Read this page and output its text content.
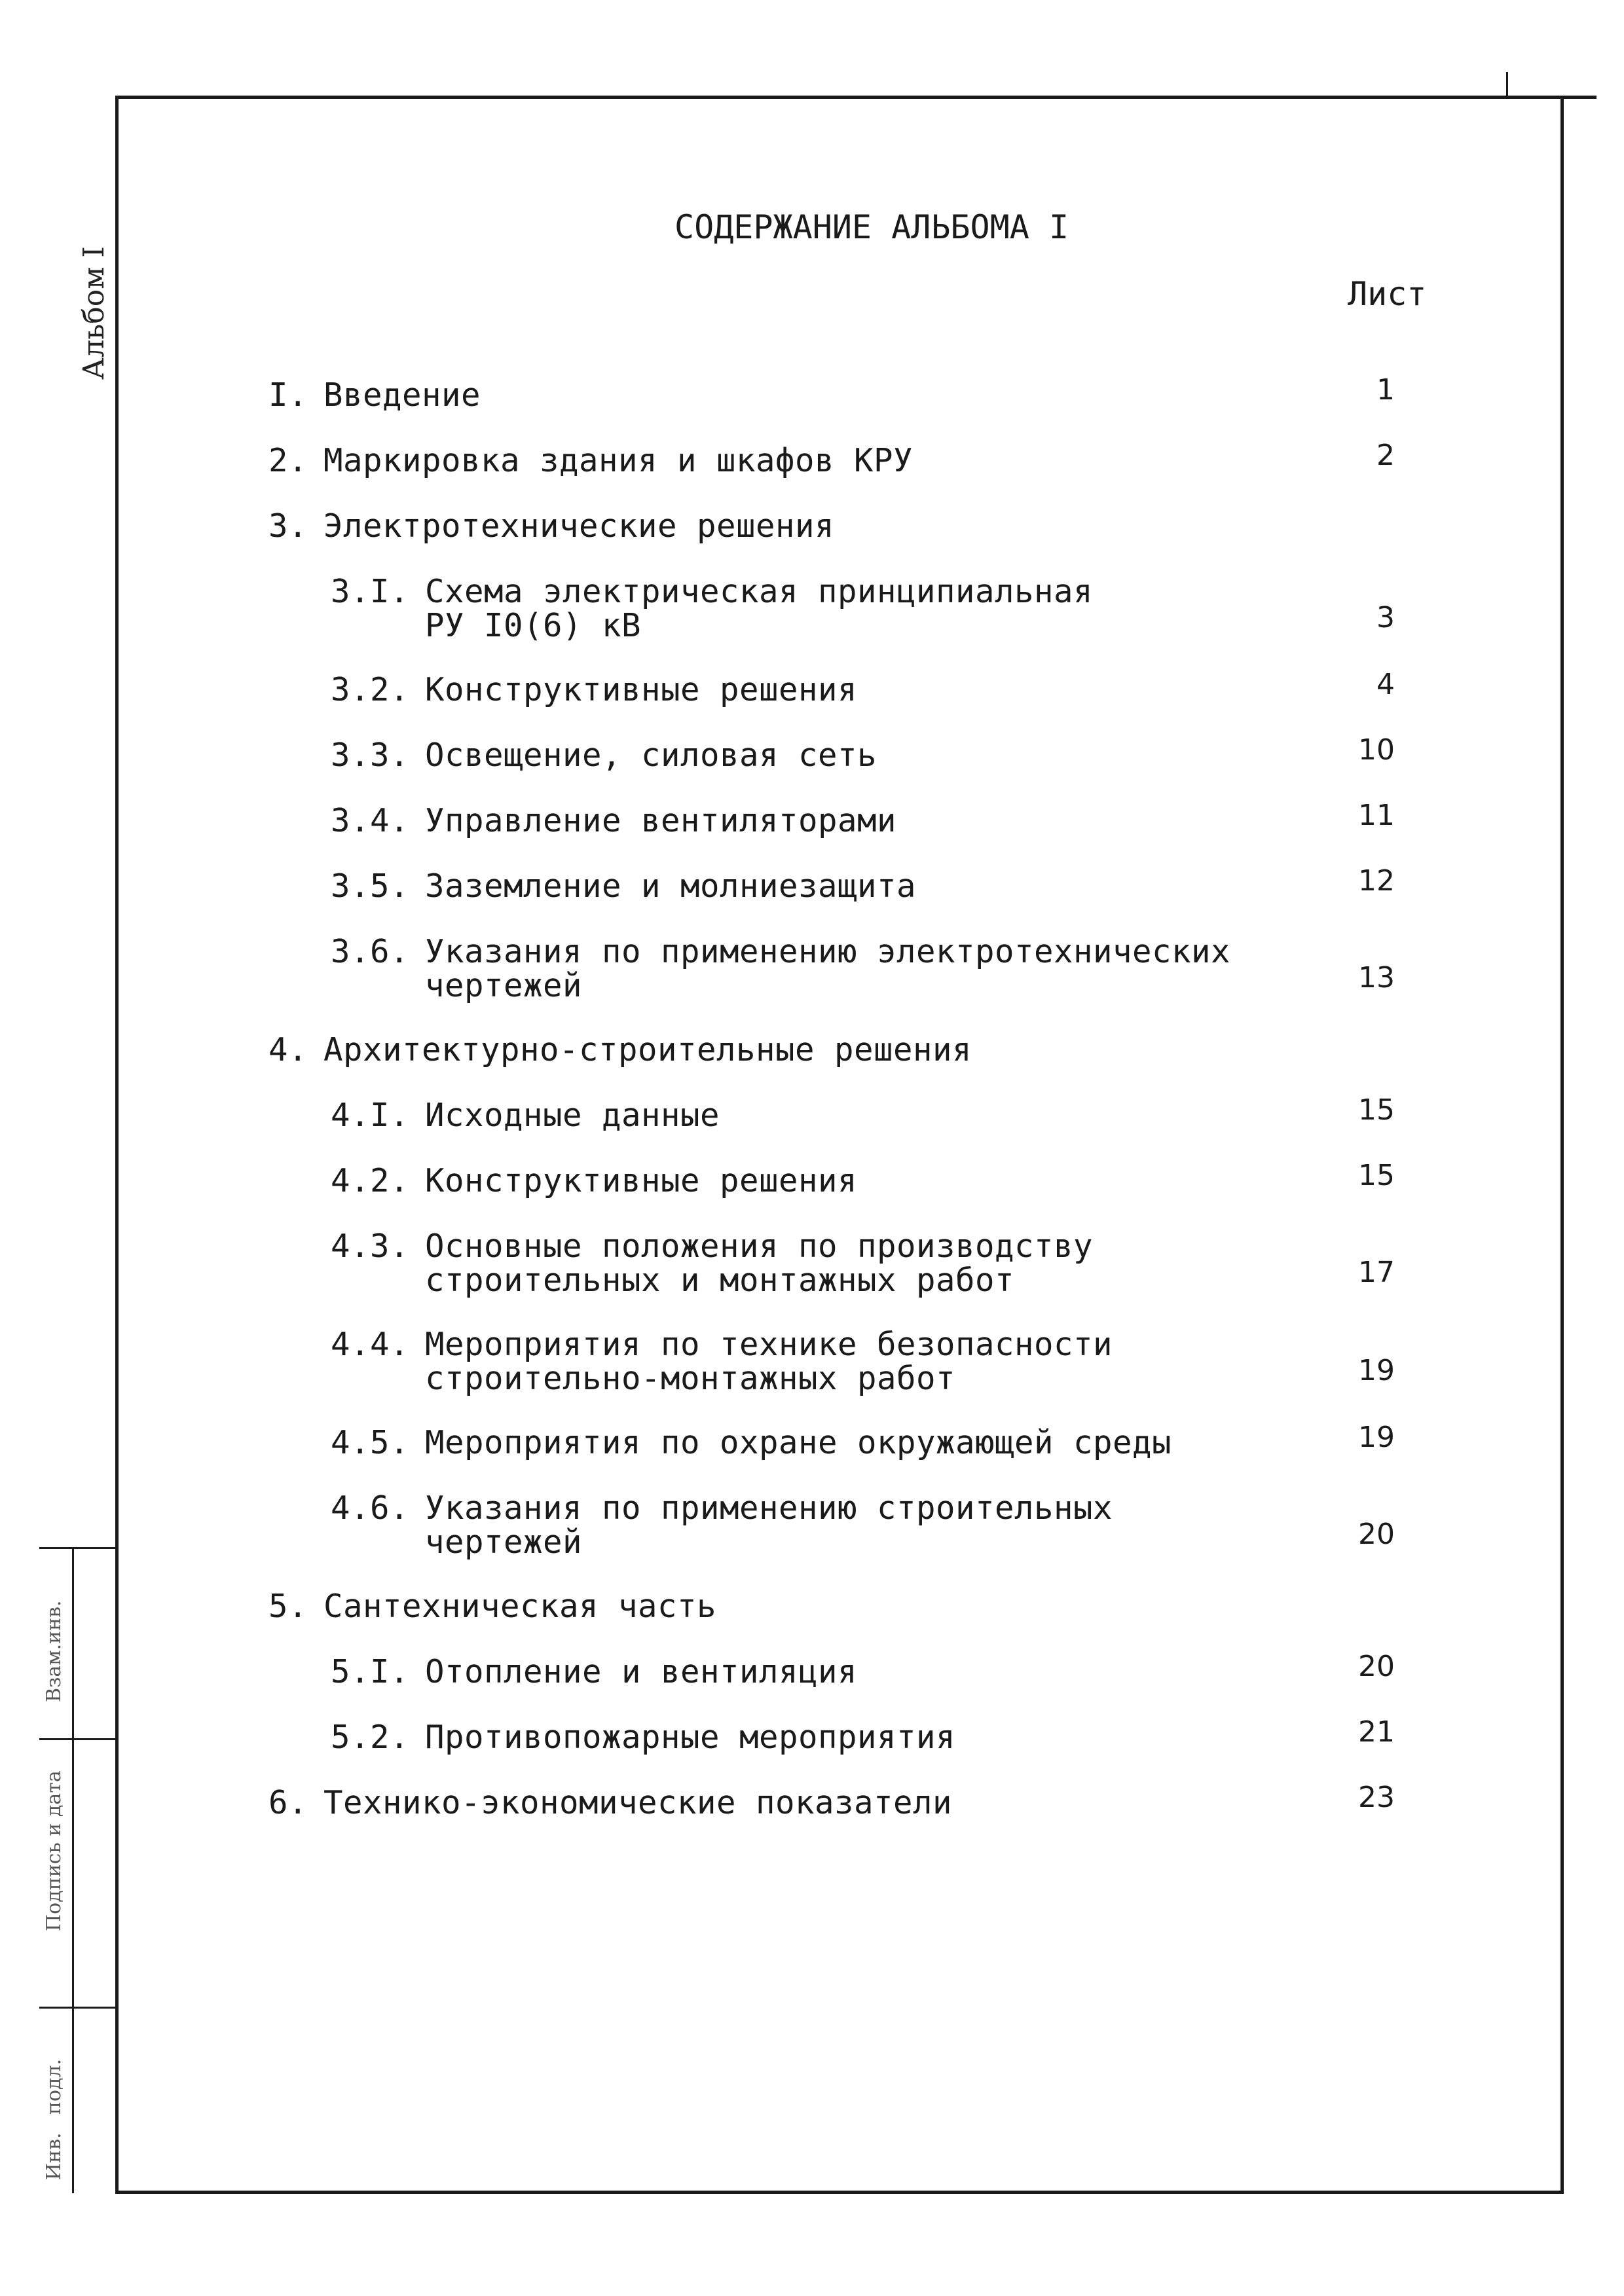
Альбом I
Взам.инв.
Подпись и дата
подл.
Инв.
СОДЕРЖАНИЕ АЛЬБОМА I
Лист
I. Введение	1
2. Маркировка здания и шкафов КРУ	2
3. Электротехнические решения
3.I. Схема электрическая принципиальная
РУ I0(6) кВ	3
3.2. Конструктивные решения	4
3.3. Освещение, силовая сеть	10
3.4. Управление вентиляторами	11
3.5. Заземление и молниезащита	12
3.6. Указания по применению электротехнических
чертежей	13
4. Архитектурно-строительные решения
4.I. Исходные данные	15
4.2. Конструктивные решения	15
4.3. Основные положения по производству
строительных и монтажных работ	17
4.4. Мероприятия по технике безопасности
строительно-монтажных работ	19
4.5. Мероприятия по охране окружающей среды	19
4.6. Указания по применению строительных
чертежей	20
5. Сантехническая часть
5.I. Отопление и вентиляция	20
5.2. Противопожарные мероприятия	21
6. Технико-экономические показатели	23
